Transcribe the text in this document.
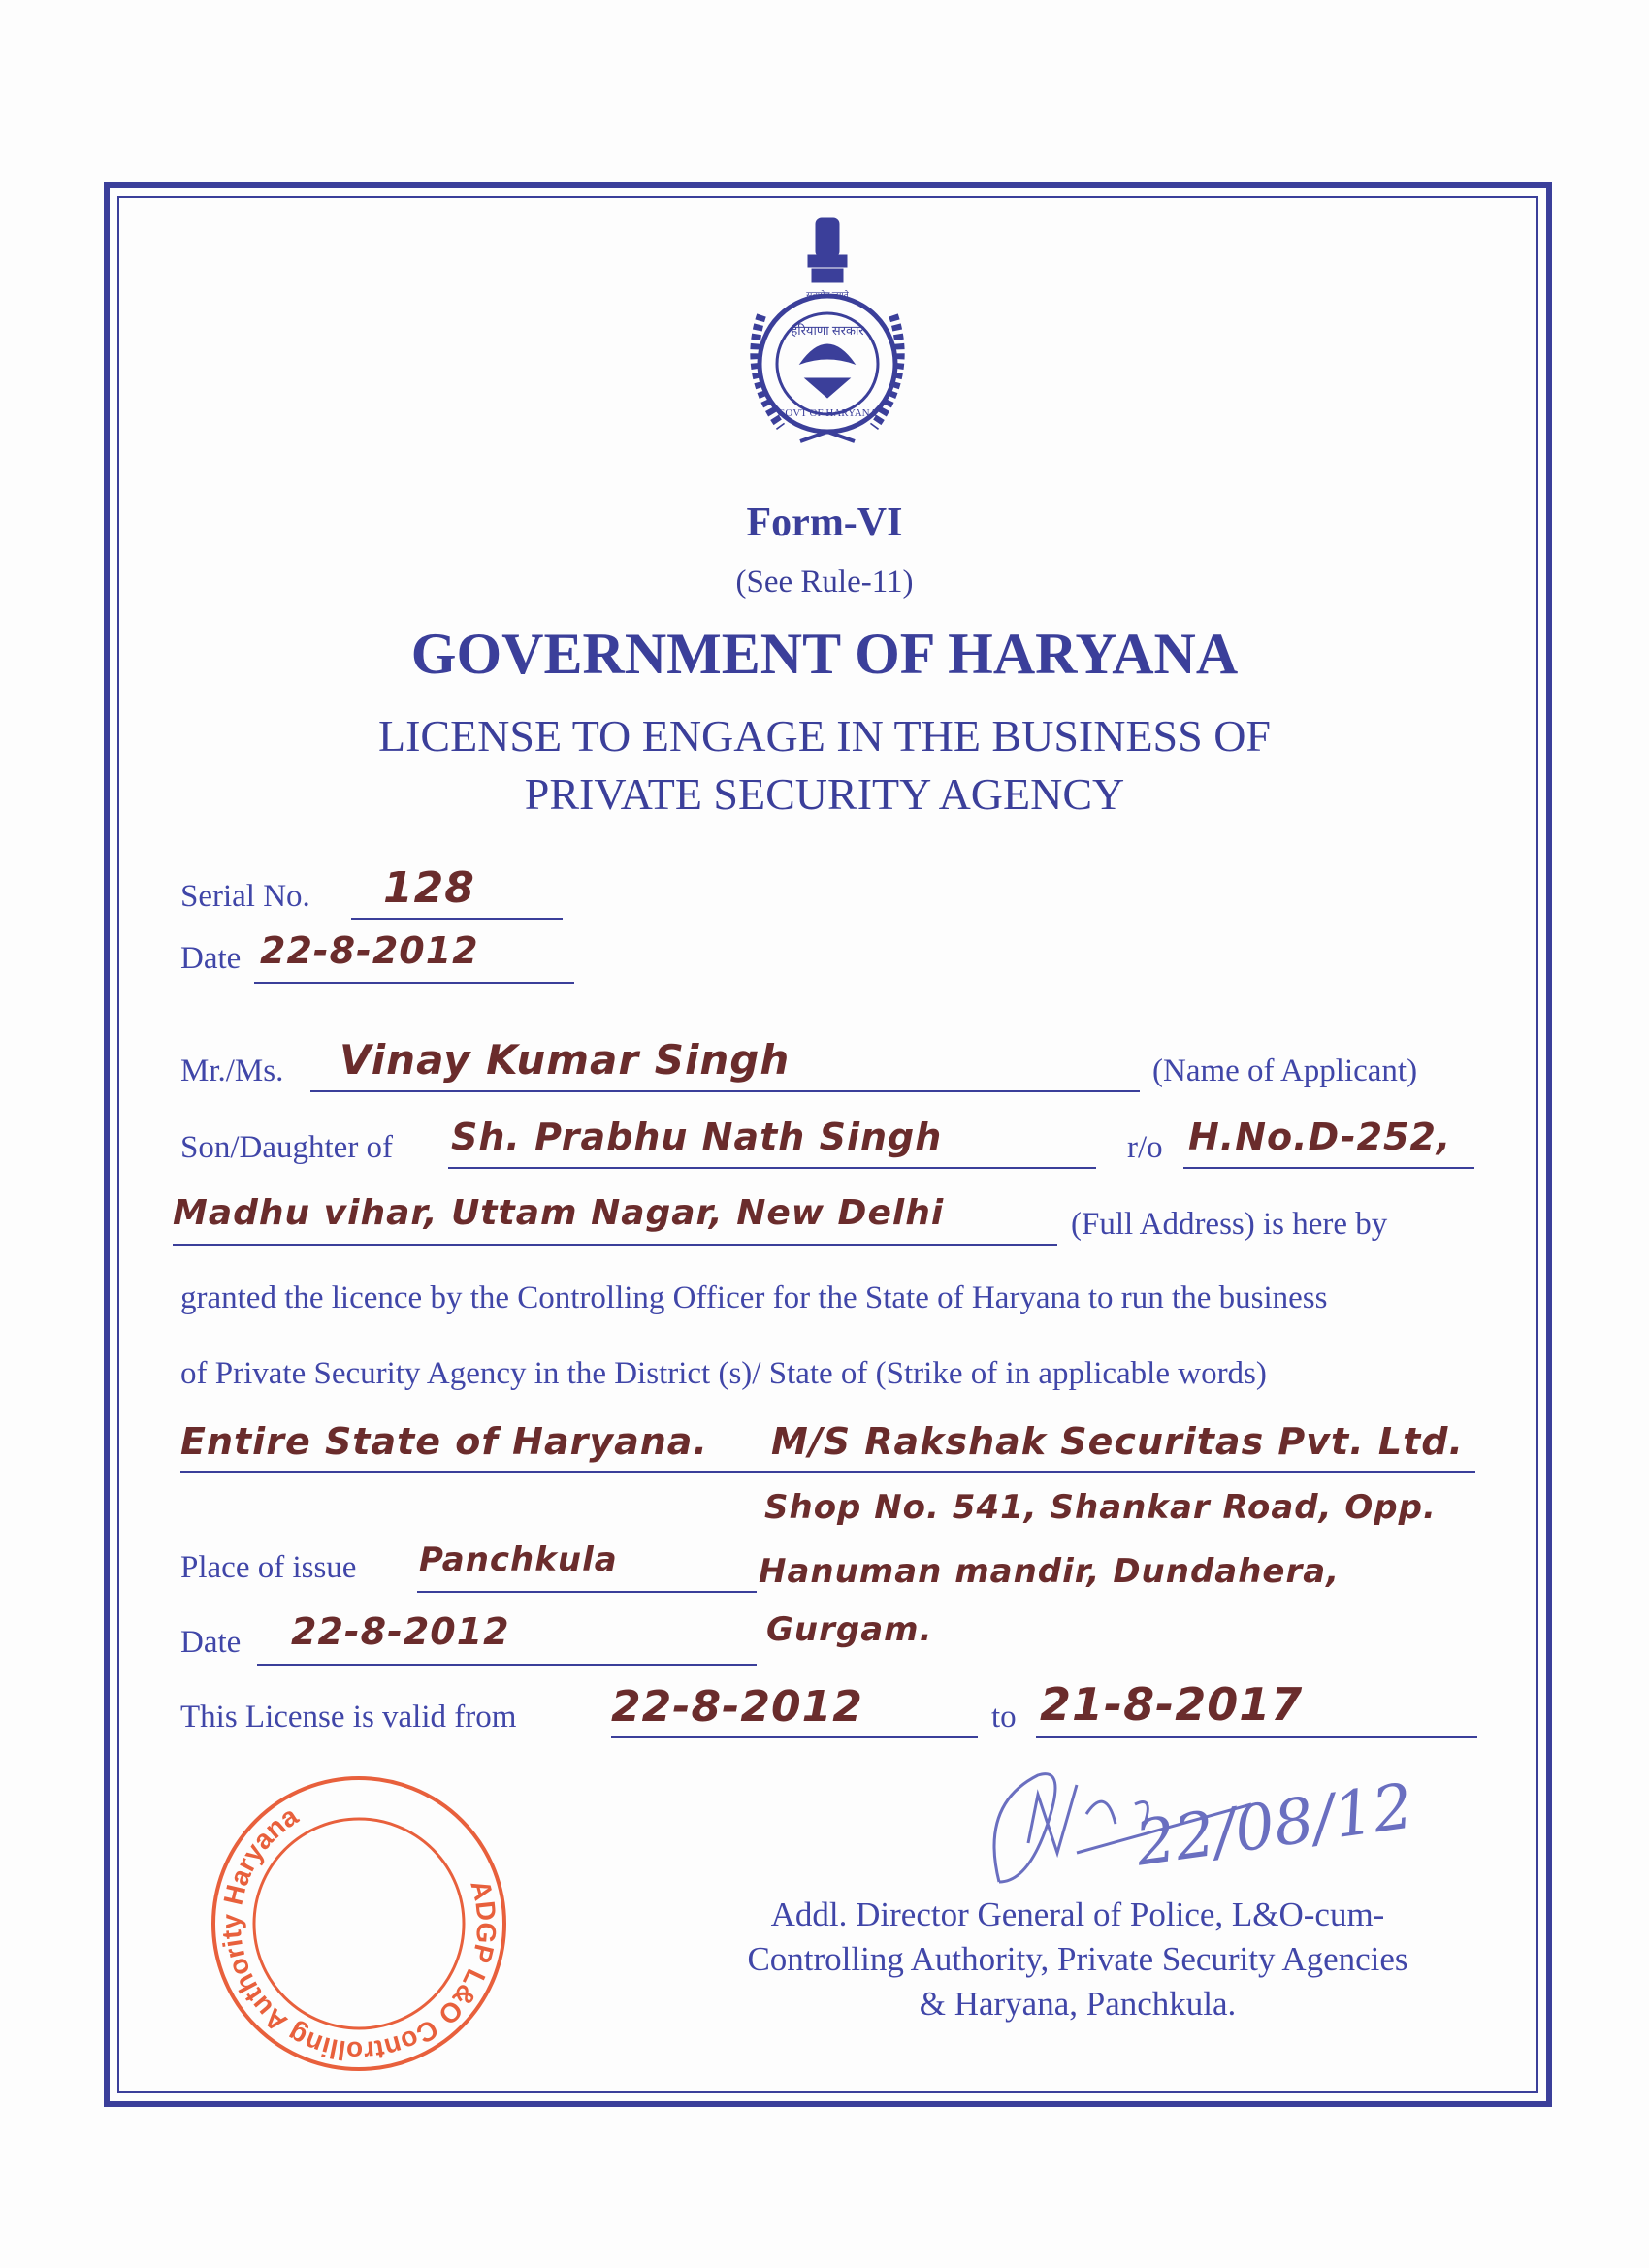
सत्यमेव जयते
हरियाणा सरकार
GOVT OF HARYANA
Form-VI
(See Rule-11)
GOVERNMENT OF HARYANA
LICENSE TO ENGAGE IN THE BUSINESS OF
PRIVATE SECURITY AGENCY
Serial No. 128
Date 22-8-2012
Mr./Ms. Vinay Kumar Singh	(Name of Applicant)
Son/Daughter of Sh. Prabhu Nath Singh	r/o H.No.D-252,
Madhu vihar, Uttam Nagar, New Delhi	(Full Address) is here by
granted the licence by the Controlling Officer for the State of Haryana to run the business
of Private Security Agency in the District (s)/ State of (Strike of in applicable words)
Entire State of Haryana. M/S Rakshak Securitas Pvt. Ltd.
Shop No. 541, Shankar Road, Opp.
Hanuman mandir, Dundahera,
Gurgam.
Place of issue Panchkula
Date 22-8-2012
This License is valid from 22-8-2012	to 21-8-2017
ADGP L&O Controlling Authority Haryana	22/08/12
Addl. Director General of Police, L&O-cum-
Controlling Authority, Private Security Agencies
& Haryana, Panchkula.
